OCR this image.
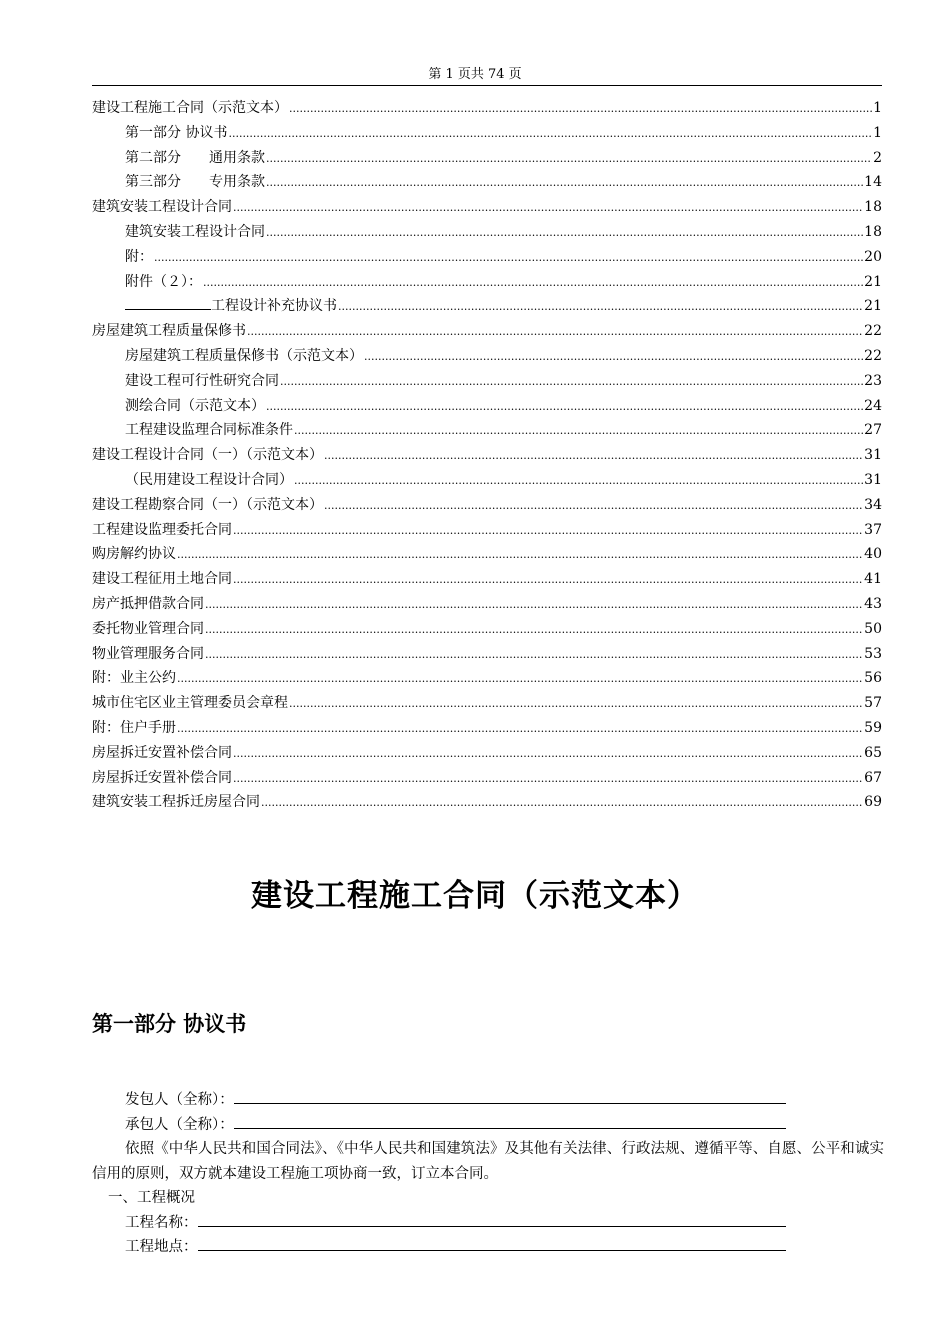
第 1 页共 74 页
建设工程施工合同（示范文本） .....	1
第一部分 协议书 .....	1
第二部分　　通用条款 .....	2
第三部分　　专用条款 .....	14
建筑安装工程设计合同 .....	18
建筑安装工程设计合同 .....	18
附： .....	20
附件（２）： .....	21
工程设计补充协议书 .....	21
房屋建筑工程质量保修书 .....	22
房屋建筑工程质量保修书（示范文本） .....	22
建设工程可行性研究合同 .....	23
测绘合同（示范文本） .....	24
工程建设监理合同标准条件 .....	27
建设工程设计合同（一）（示范文本） .....	31
（民用建设工程设计合同） .....	31
建设工程勘察合同（一）（示范文本） .....	34
工程建设监理委托合同 .....	37
购房解约协议 .....	40
建设工程征用土地合同 .....	41
房产抵押借款合同 .....	43
委托物业管理合同 .....	50
物业管理服务合同 .....	53
附：业主公约 .....	56
城市住宅区业主管理委员会章程 .....	57
附：住户手册 .....	59
房屋拆迁安置补偿合同 .....	65
房屋拆迁安置补偿合同 .....	67
建筑安装工程拆迁房屋合同 .....	69
建设工程施工合同（示范文本）
第一部分 协议书
发包人（全称）：
承包人（全称）：
依照《中华人民共和国合同法》、《中华人民共和国建筑法》及其他有关法律、行政法规、遵循平等、自愿、公平和诚实信用的原则，双方就本建设工程施工项协商一致，订立本合同。
一、工程概况
工程名称：
工程地点：
